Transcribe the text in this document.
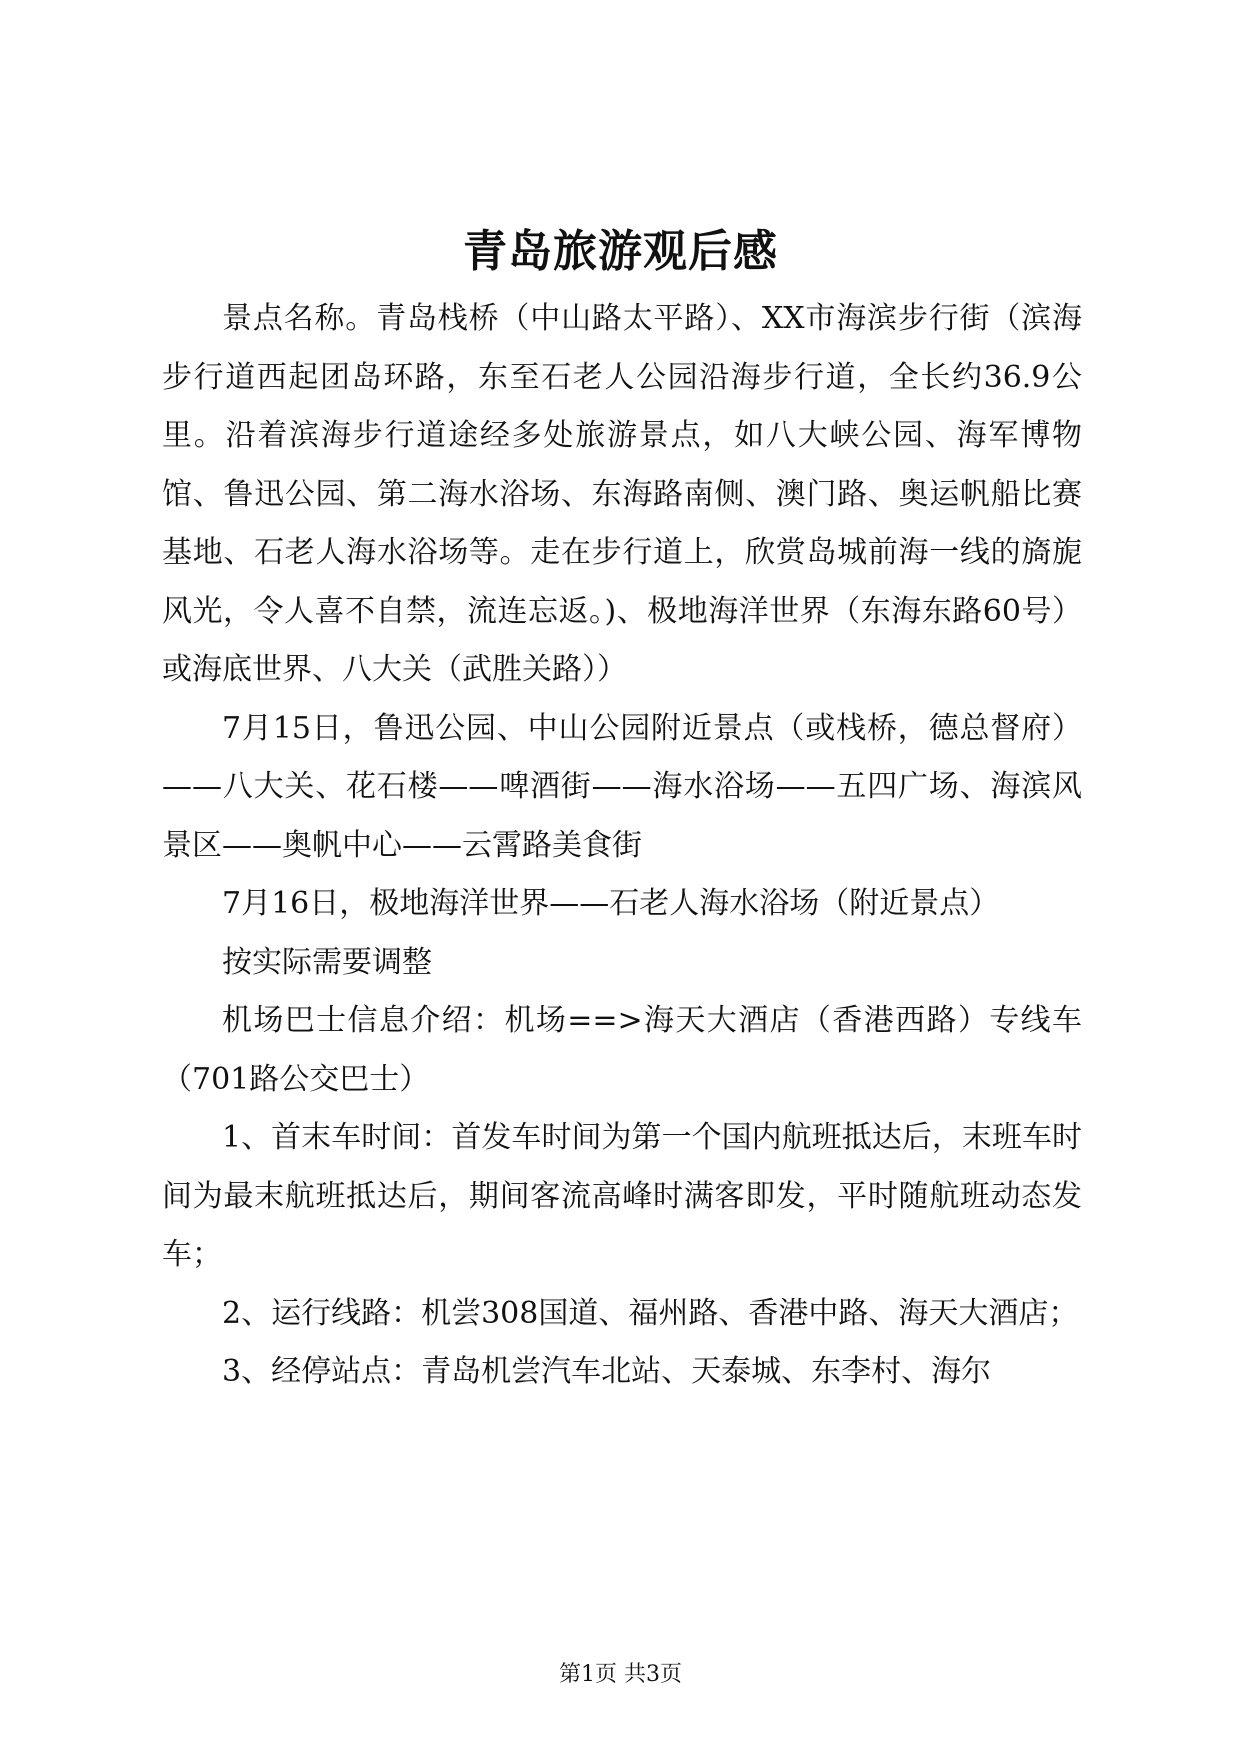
青岛旅游观后感

景点名称。青岛栈桥（中山路太平路）、XX市海滨步行街（滨海步行道西起团岛环路，东至石老人公园沿海步行道，全长约36.9公里。沿着滨海步行道途经多处旅游景点，如八大峡公园、海军博物馆、鲁迅公园、第二海水浴场、东海路南侧、澳门路、奥运帆船比赛基地、石老人海水浴场等。走在步行道上，欣赏岛城前海一线的旖旎风光，令人喜不自禁，流连忘返。)、极地海洋世界（东海东路60号）或海底世界、八大关（武胜关路））

7月15日，鲁迅公园、中山公园附近景点（或栈桥，德总督府）——八大关、花石楼——啤酒街——海水浴场——五四广场、海滨风景区——奥帆中心——云霄路美食街

7月16日，极地海洋世界——石老人海水浴场（附近景点）

按实际需要调整

机场巴士信息介绍：机场==>海天大酒店（香港西路）专线车（701路公交巴士）

1、首末车时间：首发车时间为第一个国内航班抵达后，末班车时间为最末航班抵达后，期间客流高峰时满客即发，平时随航班动态发车；

2、运行线路：机尝308国道、福州路、香港中路、海天大酒店；

3、经停站点：青岛机尝汽车北站、天泰城、东李村、海尔

第1页 共3页
